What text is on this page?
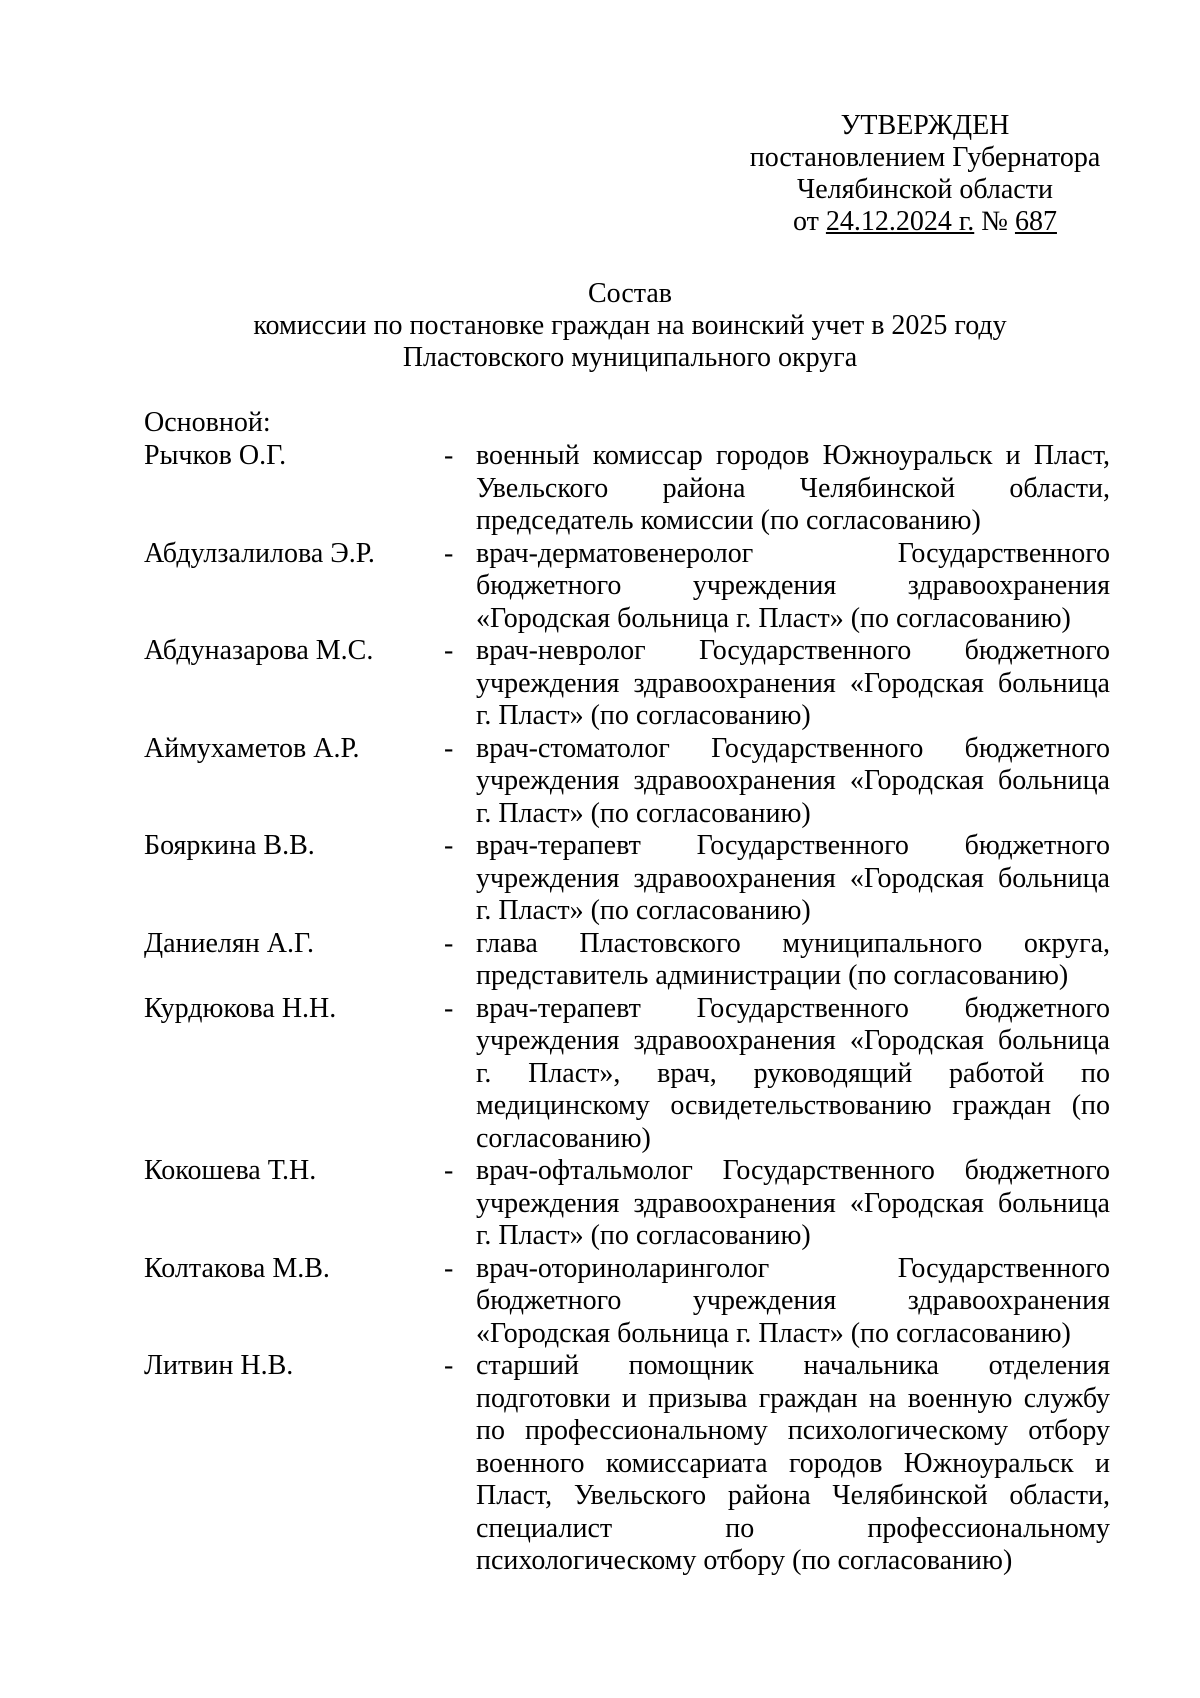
УТВЕРЖДЕН
постановлением Губернатора
Челябинской области
от 24.12.2024 г. № 687
Состав
комиссии по постановке граждан на воинский учет в 2025 году
Пластовского муниципального округа
Основной:
Рычков О.Г.	- военный комиссар городов Южноуральск и Пласт, Увельского района Челябинской области, председатель комиссии (по согласованию)
Абдулзалилова Э.Р.	- врач-дерматовенеролог Государственного бюджетного учреждения здравоохранения «Городская больница г. Пласт» (по согласованию)
Абдуназарова М.С.	- врач-невролог Государственного бюджетного учреждения здравоохранения «Городская больница г. Пласт» (по согласованию)
Аймухаметов А.Р.	- врач-стоматолог Государственного бюджетного учреждения здравоохранения «Городская больница г. Пласт» (по согласованию)
Бояркина В.В.	- врач-терапевт Государственного бюджетного учреждения здравоохранения «Городская больница г. Пласт» (по согласованию)
Даниелян А.Г.	- глава Пластовского муниципального округа, представитель администрации (по согласованию)
Курдюкова Н.Н.	- врач-терапевт Государственного бюджетного учреждения здравоохранения «Городская больница г. Пласт», врач, руководящий работой по медицинскому освидетельствованию граждан (по согласованию)
Кокошева Т.Н.	- врач-офтальмолог Государственного бюджетного учреждения здравоохранения «Городская больница г. Пласт» (по согласованию)
Колтакова М.В.	- врач-оториноларинголог Государственного бюджетного учреждения здравоохранения «Городская больница г. Пласт» (по согласованию)
Литвин Н.В.	- старший помощник начальника отделения подготовки и призыва граждан на военную службу по профессиональному психологическому отбору военного комиссариата городов Южноуральск и Пласт, Увельского района Челябинской области, специалист по профессиональному психологическому отбору (по согласованию)
